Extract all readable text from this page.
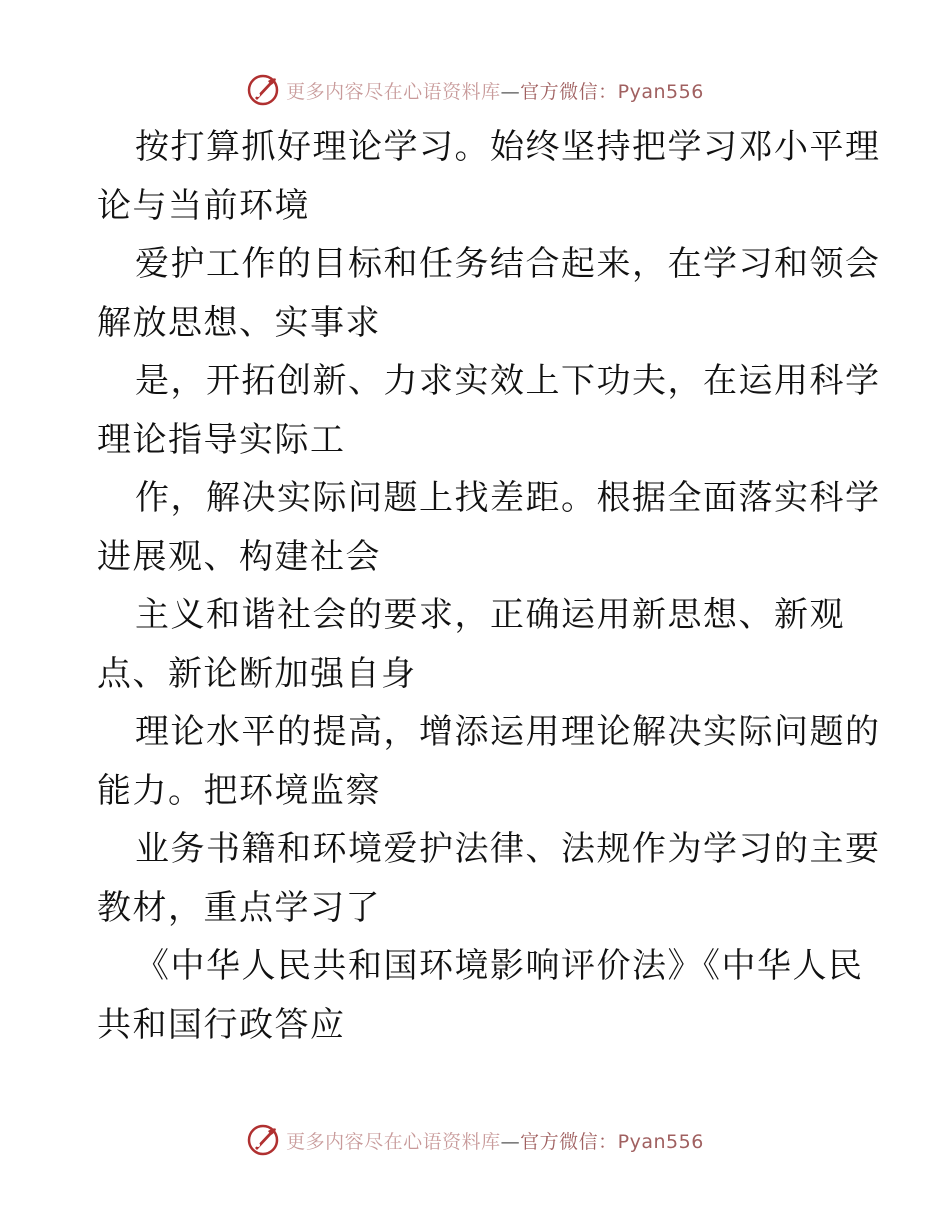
更多内容尽在心语资料库—官方微信：Pyan556
按打算抓好理论学习。始终坚持把学习邓小平理
论与当前环境
爱护工作的目标和任务结合起来，在学习和领会
解放思想、实事求
是，开拓创新、力求实效上下功夫，在运用科学
理论指导实际工
作，解决实际问题上找差距。根据全面落实科学
进展观、构建社会
主义和谐社会的要求，正确运用新思想、新观
点、新论断加强自身
理论水平的提高，增添运用理论解决实际问题的
能力。把环境监察
业务书籍和环境爱护法律、法规作为学习的主要
教材，重点学习了
《中华人民共和国环境影响评价法》《中华人民
共和国行政答应
更多内容尽在心语资料库—官方微信：Pyan556
